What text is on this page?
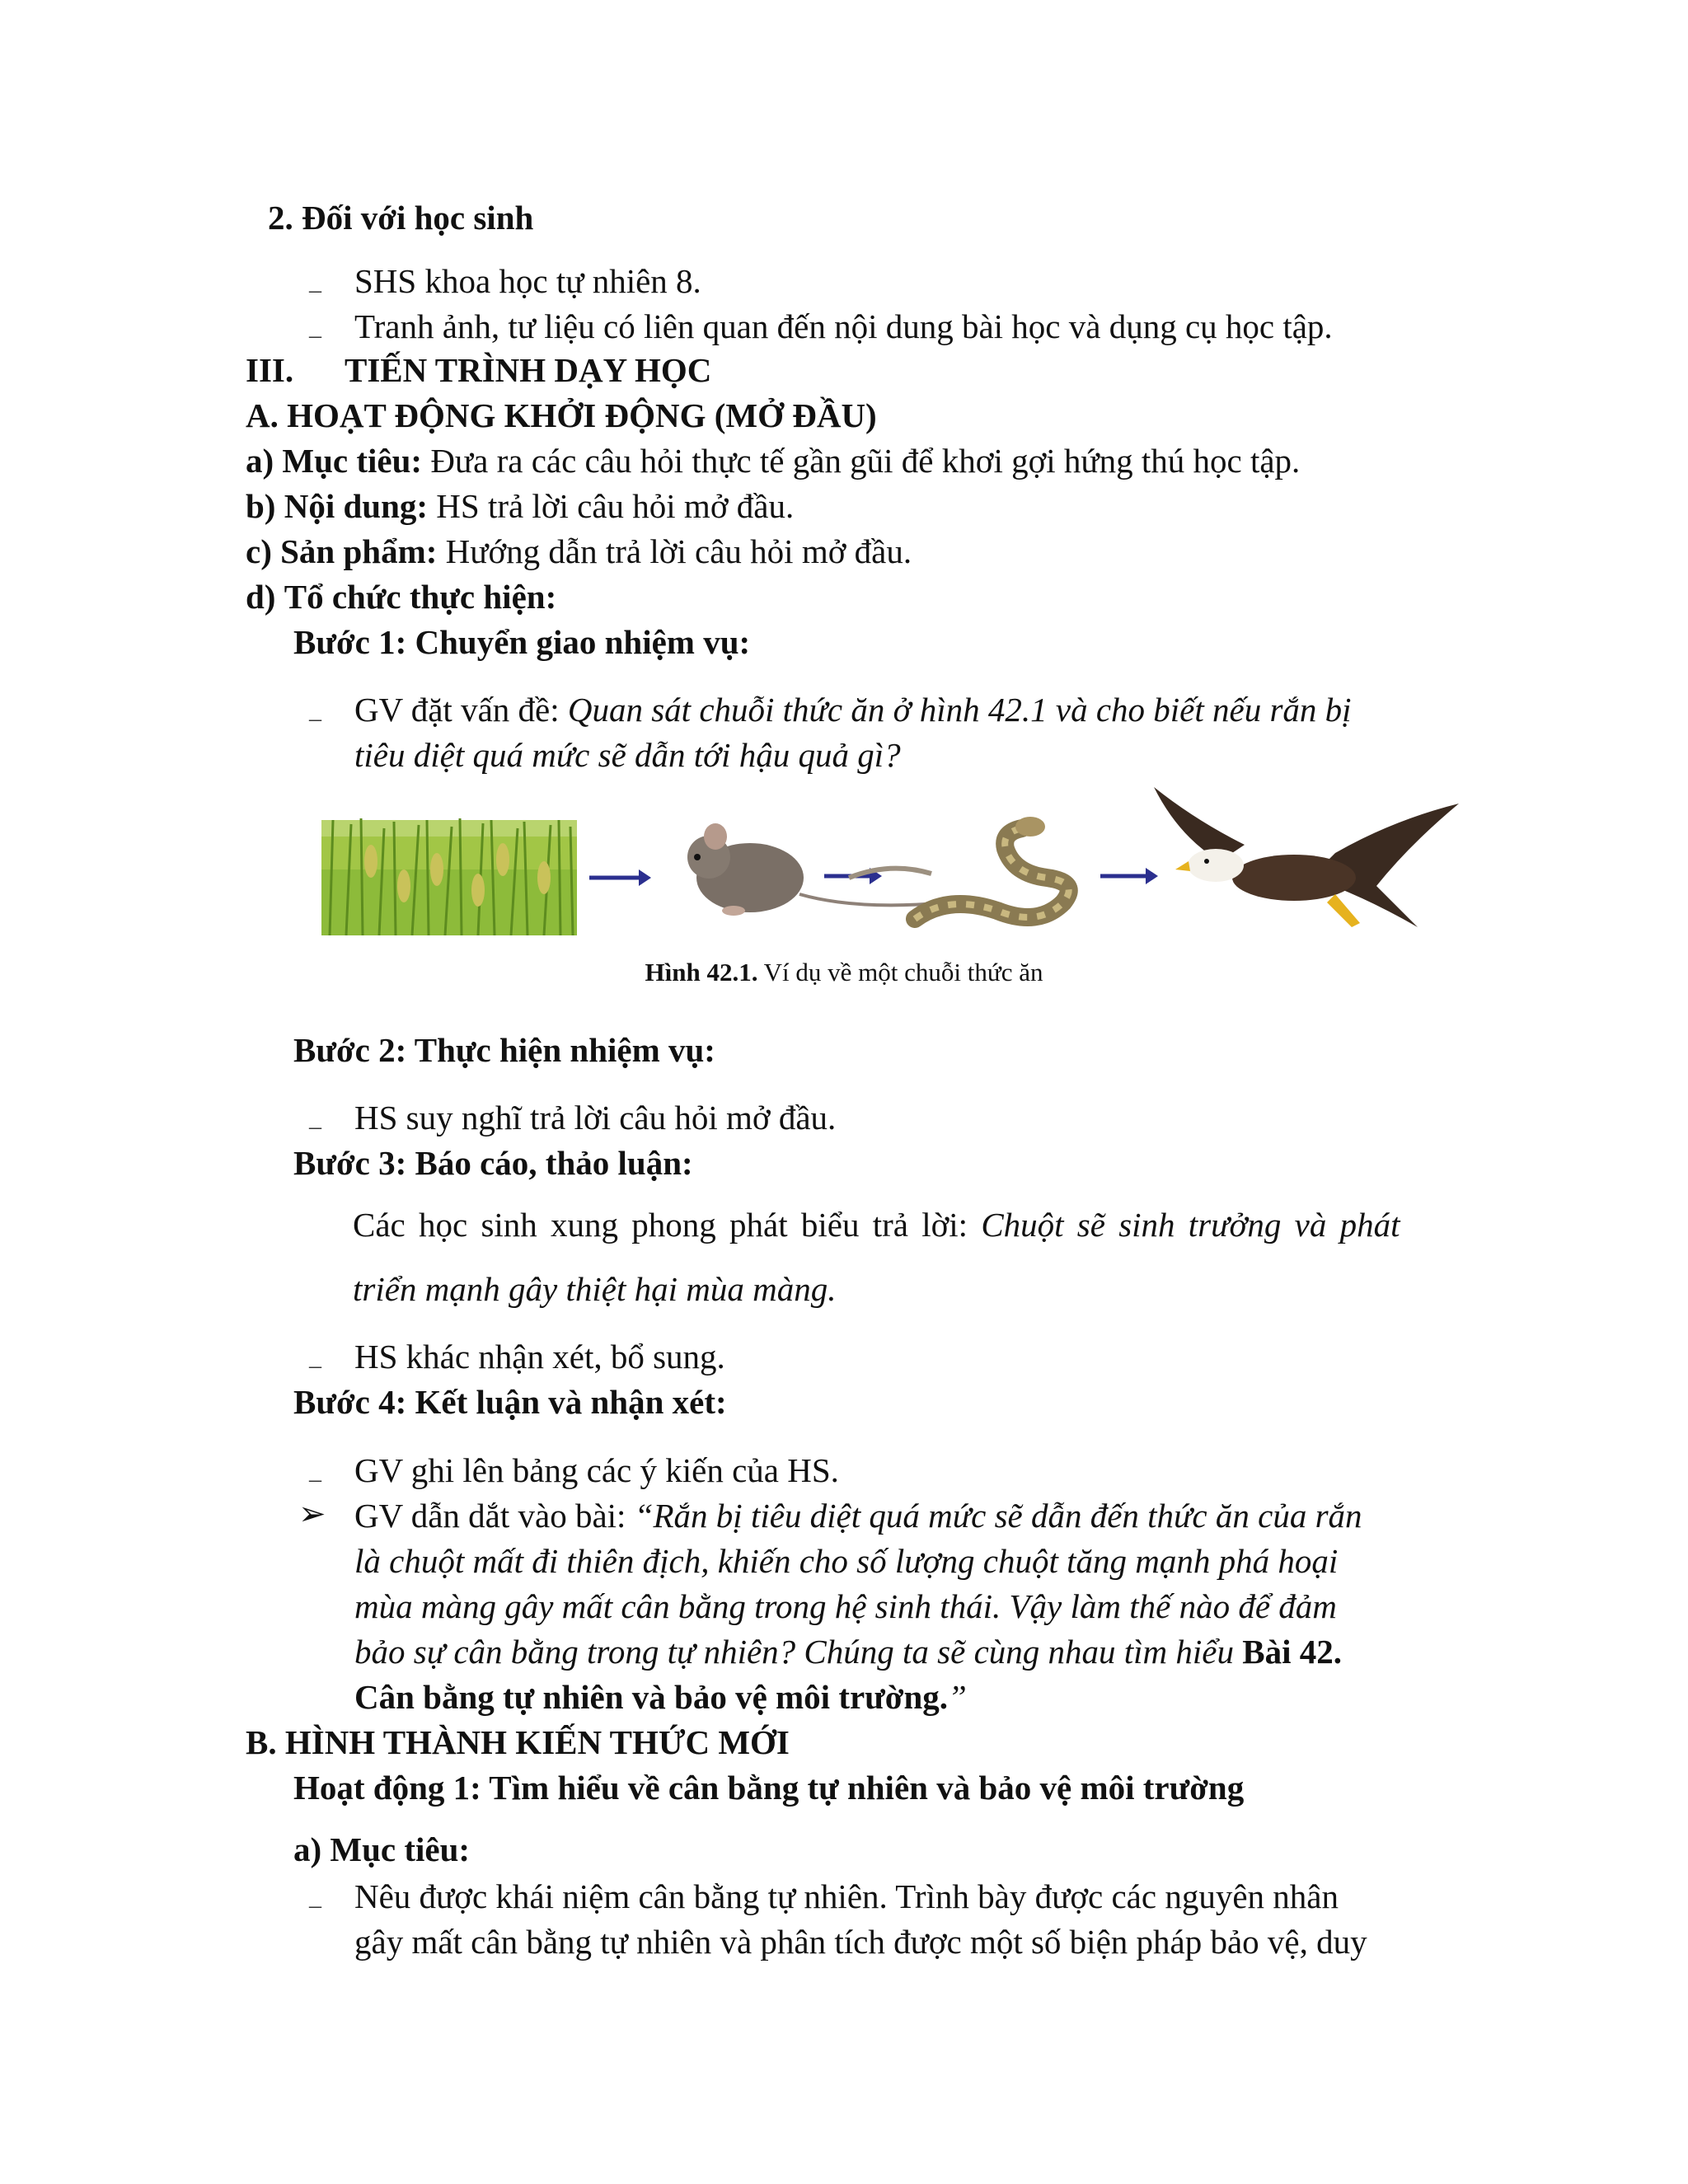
2. Đối với học sinh
– SHS khoa học tự nhiên 8.
– Tranh ảnh, tư liệu có liên quan đến nội dung bài học và dụng cụ học tập.
III. TIẾN TRÌNH DẠY HỌC
A. HOẠT ĐỘNG KHỞI ĐỘNG (MỞ ĐẦU)
a) Mục tiêu: Đưa ra các câu hỏi thực tế gần gũi để khơi gợi hứng thú học tập.
b) Nội dung: HS trả lời câu hỏi mở đầu.
c) Sản phẩm: Hướng dẫn trả lời câu hỏi mở đầu.
d) Tổ chức thực hiện:
Bước 1: Chuyển giao nhiệm vụ:
– GV đặt vấn đề: Quan sát chuỗi thức ăn ở hình 42.1 và cho biết nếu rắn bị
tiêu diệt quá mức sẽ dẫn tới hậu quả gì?
Hình 42.1. Ví dụ về một chuỗi thức ăn
Bước 2: Thực hiện nhiệm vụ:
– HS suy nghĩ trả lời câu hỏi mở đầu.
Bước 3: Báo cáo, thảo luận:
Các học sinh xung phong phát biểu trả lời: Chuột sẽ sinh trưởng và phát
triển mạnh gây thiệt hại mùa màng.
– HS khác nhận xét, bổ sung.
Bước 4: Kết luận và nhận xét:
– GV ghi lên bảng các ý kiến của HS.
➢ GV dẫn dắt vào bài: “Rắn bị tiêu diệt quá mức sẽ dẫn đến thức ăn của rắn
là chuột mất đi thiên địch, khiến cho số lượng chuột tăng mạnh phá hoại
mùa màng gây mất cân bằng trong hệ sinh thái. Vậy làm thế nào để đảm
bảo sự cân bằng trong tự nhiên? Chúng ta sẽ cùng nhau tìm hiểu Bài 42.
Cân bằng tự nhiên và bảo vệ môi trường.”
B. HÌNH THÀNH KIẾN THỨC MỚI
Hoạt động 1: Tìm hiểu về cân bằng tự nhiên và bảo vệ môi trường
a) Mục tiêu:
– Nêu được khái niệm cân bằng tự nhiên. Trình bày được các nguyên nhân
gây mất cân bằng tự nhiên và phân tích được một số biện pháp bảo vệ, duy
